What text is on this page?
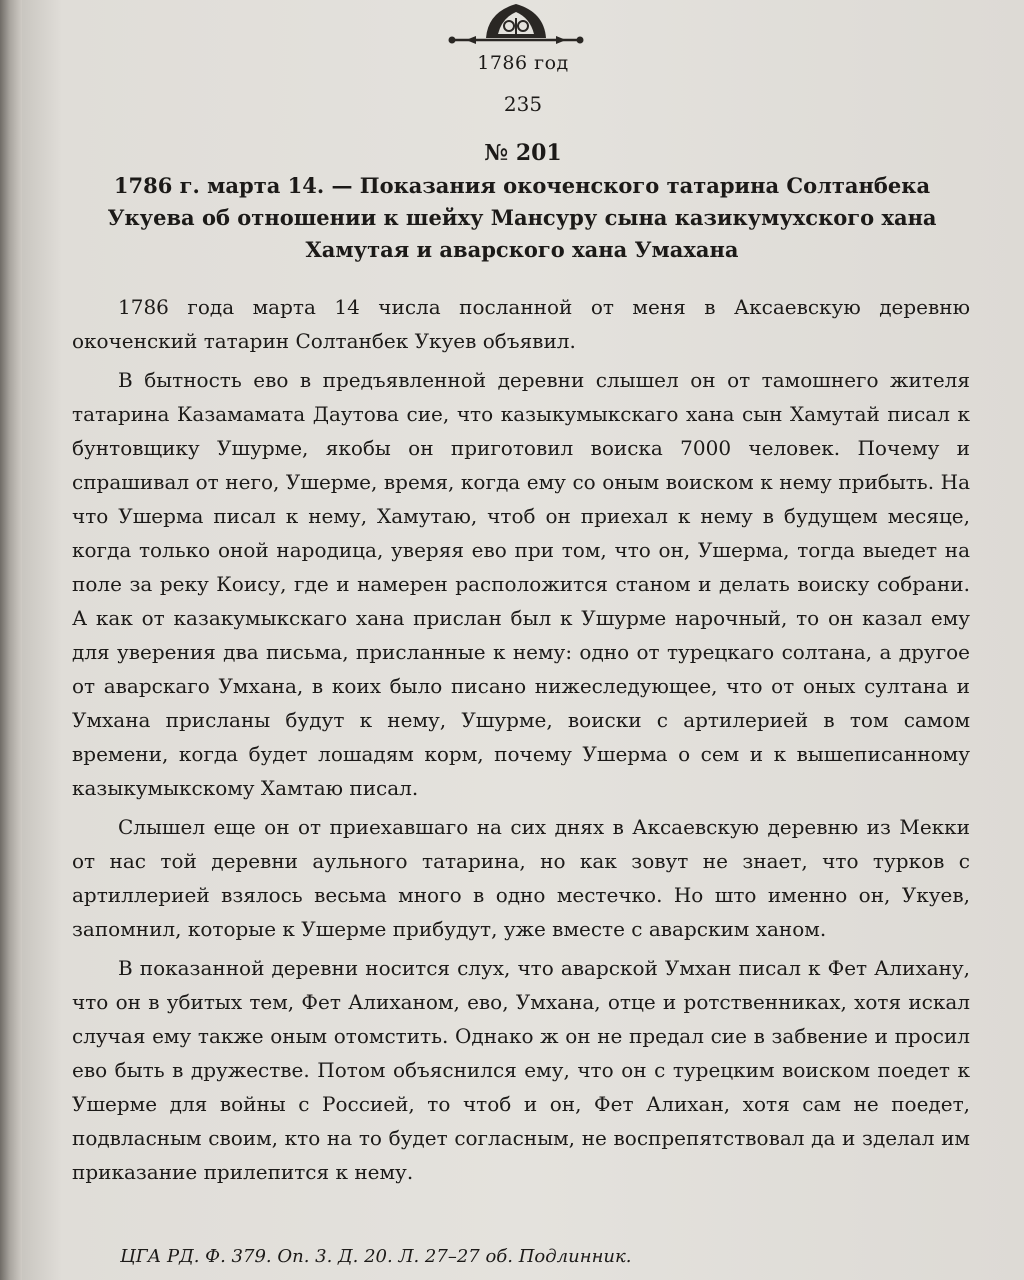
1786 год
235
№ 201
1786 г. марта 14. — Показания окоченского татарина Солтанбека Укуева об отношении к шейху Мансуру сына казикумухского хана Хамутая и аварского хана Умахана

1786 года марта 14 числа посланной от меня в Аксаевскую деревню окоченский татарин Солтанбек Укуев объявил.

В бытность ево в предъявленной деревни слышел он от тамошнего жителя татарина Казамамата Даутова сие, что казыкумыкскаго хана сын Хамутай писал к бунтовщику Ушурме, якобы он приготовил воиска 7000 человек. Почему и спрашивал от него, Ушерме, время, когда ему со оным воиском к нему прибыть. На что Ушерма писал к нему, Хамутаю, чтоб он приехал к нему в будущем месяце, когда только оной народица, уверяя ево при том, что он, Ушерма, тогда выедет на поле за реку Коису, где и намерен расположится станом и делать воиску собрани. А как от казакумыкскаго хана прислан был к Ушурме нарочный, то он казал ему для уверения два письма, присланные к нему: одно от турецкаго солтана, а другое от аварскаго Умхана, в коих было писано нижеследующее, что от оных султана и Умхана присланы будут к нему, Ушурме, воиски с артилерией в том самом времени, когда будет лошадям корм, почему Ушерма о сем и к вышеписанному казыкумыкскому Хамтаю писал.

Слышел еще он от приехавшаго на сих днях в Аксаевскую деревню из Мекки от нас той деревни аульного татарина, но как зовут не знает, что турков с артиллерией взялось весьма много в одно местечко. Но што именно он, Укуев, запомнил, которые к Ушерме прибудут, уже вместе с аварским ханом.

В показанной деревни носится слух, что аварской Умхан писал к Фет Алихану, что он в убитых тем, Фет Алиханом, ево, Умхана, отце и ротственниках, хотя искал случая ему также оным отомстить. Однако ж он не предал сие в забвение и просил ево быть в дружестве. Потом объяснился ему, что он с турецким воиском поедет к Ушерме для войны с Россией, то чтоб и он, Фет Алихан, хотя сам не поедет, подвласным своим, кто на то будет согласным, не воспрепятствовал да и зделал им приказание прилепится к нему.

ЦГА РД. Ф. 379. Оп. 3. Д. 20. Л. 27–27 об. Подлинник.
